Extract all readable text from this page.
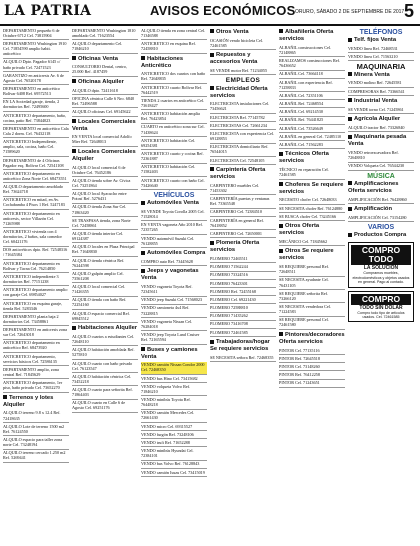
LA PATRIA	AVISOS ECONÓMICOS ORURO, SÁBADO 2 DE SEPTIEMBRE DE 2017 5
DEPARTAMENTO pequeño 6 de Octubre 6712 Cel. 73815904
DEPARTAMENTO Washington 1910 Cel. 71854590 amplio habit. anticrético
ALQUILO Dpto. Pagador 6145 c/ baño privado Cel. 72471523
GARANTIZO en anticresis Av. 6 de Agosto Cel. 76520178
DEPARTAMENTO en anticrético Bolívar 6408 Ref. 69572513
EN LA Sociedad garaje, tienda, 2 dormitorios Ref. 72495600
ANTICRETICO departamento, baño, cocina, patio Ref. 73844023
DEPARTAMENTO en anticrético Cala Cala 2 dorm. Cel. 76432118
ANTICRETICO Independiente, amplio, sala, cocina, baño Cel. 71589620
DEPARTAMENTO de 4 Oficinas Pagador esq. Bolívar Cel. 72541108
ANTICRETICO departamento en anticrético Zona Norte Cel. 68473551
ALQUILO departamento amoblado Ref. 73624718
ANTICRETICO en mitad, en Av. Cochabamba 4 Pisos 1 Ref. 5247183
ANTICRETICO departamento en anticresis, sector Villazón Cel. 71265988
ANTICRETICO vivienda con 4 dormitorios, 2 baños, sala comedor Cel. 60421176
DOS anticréticos dpto. Ref. 72548316 / 71645384
ANTICRETICO departamento en Bolívar y Tacna Cel. 76214850
ANTICRETICO independiente 3 dormitorios Ref. 77151238
ANTICRETICO departamento amplio con garaje Cel. 69854027
ANTICRETICO en esquina garaje, tienda Ref. 5283346
DEPARTAMENTO planta baja 2 dormitorios Cel. 73458861
DEPARTAMENTO en anticresis zona sur Cel. 72643018
ANTICRETICO departamento en anticrético Ref. 68473920
ANTICRETICO departamento, servicios básicos Cel. 72586135
DEPARTAMENTO amplio, zona central Ref. 71845629
ANTICRETICO departamento, 1er piso, baño privado Cel. 73652270
Terrenos y lotes Alquiler
ALQUILO terreno 9.8 x 12.4 Ref. 72418635
ALQUILO Lote de terreno 1500 m2 Ref. 76124550
ALQUILO espacio para taller zona norte Cel. 73248194
ALQUILO terreno cercado 1.250 m2 Ref. 5269441
DEPARTAMENTO Washington 1810 amoblado Cel. 71623554
ALQUILO departamento Cel. 71846210
Oficinas Venta
CONSULTORIO Dental, centro, 25.000 Ref. 4187459
Oficinas Alquiler
ALQUILO dpto. 72411618
OFICINA céntrica Calle 6 Nro. 6840 Ref. 72496588
ALQUILO oficinas Cel. 69145622
Locales Comerciales Venta
EN VENTA local comercial Adolfo Mier Ref. 72648013
Locales Comerciales Alquiler
ALQUILO local comercial 6 de Octubre Cel. 76452186
ALQUILO tienda sobre Av. Cívica Cel. 73251864
ALQUILO local Ayacucho entre Potosí Ref. 5276431
ALQUILO tienda Zona Sur Cel. 71863420
SE TRASPASA tienda, zona Norte Cel. 72458861
ALQUILO tienda interior Cel. 69124387
ALQUILO locales en Plaza Principal Ref. 71648830
ALQUILO tienda céntrica Ref. 76244598
ALQUILO galpón amplio Cel. 73561208
ALQUILO local comercial Cel. 71426355
ALQUILO tienda con baño Ref. 72254160
ALQUILO espacio comercial Ref. 69845512
Habitaciones Alquiler
ALQUILO cuartos a estudiantes Cel. 72648110
ALQUILO habitación amoblada Ref. 5275810
ALQUILO cuarto con baño privado Cel. 76123547
ALQUILO habitación céntrica Cel. 73452218
ALQUILO cuarto para señorita Ref. 71864403
ALQUILO cuarto en Calle 6 de Agosto Cel. 69251176
ALQUILO tienda en zona central Cel. 71346588
ANTICRETICO en esquina Ref. 72458810
Habitaciones Anticrético
ANTICRETICO dos cuartos con baño Ref. 72648835
ANTICRETICO cuarto Bolívar Ref. 76442519
TIENDA 2 cuartos en anticrético Cel. 73618427
ANTICRETICO habitación amplia Ref. 76423854
CUARTO en anticrético zona sur Cel. 71438624
ANTICRETICO habitación Cel. 69254381
ANTICRETICO cuarto y cocina Ref. 72361887
ANTICRETICO habitación Cel. 71582403
ANTICRETICO cuarto con baño Cel. 73426640
VEHÍCULOS
Automóviles Venta
SE VENDE Toyota Corolla 2005 Cel. 71528014
EN VENTA vagoneta Año 2010 Ref. 72357265
VENDO automóvil Suzuki Cel. 76128855
Automóviles Compra
COMPRO auto Ref. 73445628
Jeeps y vagonetas Venta
VENDO vagoneta Toyota Ref. 72345611
VENDO jeep Suzuki Cel. 71568023
VENDO camioneta 4x4 Ref. 73228815
VENDO vagoneta Nissan Cel. 76284018
VENDO jeep Toyota Land Cruiser Ref. 72165594
Buses y camiones Venta
VENDO camión Nissan Condor 2000 Cel. 72468350
VENDO bus Hino Cel. 73415682
VENDO volqueta Volvo Ref. 71846210
VENDO minibús Toyota Ref. 76448218
VENDO camión Mercedes Cel. 72661430
VENDO micro Cel. 69315527
VENDO furgón Ref. 73248106
VENDO trufi Ref. 71652288
VENDO minibús Hyundai Cel. 72384101
VENDO bus Volvo Ref. 76128843
VENDO camión Isuzu Cel. 73415019
Otros Venta
OCASIÓN vendo bicicleta Cel. 72461585
Repuestos y accesorios Venta
SE VENDE motor Ref. 71234055
EMPLEOS
Electricidad Oferta servicios
ELECTRICISTA instalaciones Cel. 73456621
ELECTRICISTA Ref. 77145782
ELECTRICISTAS Cel. 72661234
ELECTRICISTA con experiencia Cel. 69128853
ELECTRICISTA domiciliario Ref. 76544015
ELECTRICISTA Cel. 72548105
Carpintería Oferta servicios
CARPINTERO muebles Cel. 71453302
CARPINTERÍA puertas y ventanas Ref. 73365548
CARPINTERO Cel. 72384510
CARPINTERÍA en general Ref. 76418852
CARPINTERO Cel. 72650001
Plomería Oferta servicios
PLOMERO 72465511
PLOMERO 71562244
PLOMERO 73324516
PLOMERO 76423301
PLOMERO Ref. 72455168
PLOMERO Cel. 69221430
PLOMERO 72588810
PLOMERO 71435262
PLOMERO 73416708
PLOMERO 72461585
Trabajadoras/hogar Se requiere servicios
SE NECESITA señora Ref. 72468355
Albañilería Oferta servicios
ALBAÑIL construcciones Cel. 72148865
REALIZAMOS construcciones Ref. 76436652
ALBAÑIL Cel. 73664118
ALBAÑIL con experiencia Ref. 71258833
ALBAÑIL Cel. 72351106
ALBAÑIL Ref. 72468554
ALBAÑIL Cel. 69214530
ALBAÑIL Ref. 76441825
ALBAÑIL Cel. 73526649
ALBAÑIL en general Cel. 72485110
ALBAÑIL Cel. 71562283
Técnicos Oferta servicios
TÉCNICO en reparación Cel. 72461585
Choferes Se requiere servicios
NECESITO chofer Cel. 72648033
SE NECESITA chofer Ref. 76124880
SE BUSCA chofer Cel. 73245166
Otros Oferta servicios
MECÁNICO Cel. 71845662
Otros Se requiere servicios
SE REQUIERE personal Ref. 72648511
SE NECESITA ayudante Cel. 76431105
SE REQUIERE señorita Ref. 73266120
SE NECESITA vendedora Cel. 71224583
SE REQUIERE personal Cel. 72461580
Pintores/decoradores Oferta servicios
PINTOR Cel. 77135116
PINTOR Ref. 72645518
PINTOR Cel. 73148260
PINTOR Ref. 76412258
PINTOR Cel. 71243651
TELÉFONOS
Telf. fijos Venta
VENDO línea Ref. 72468531
VENDO línea Cel. 71563210
MAQUINARIA
Minera Venta
VENDO molino Ref. 72645581
COMPRESORAS Ref. 73366541
Industrial Venta
SE VENDE torno Cel. 71245861
Agrícola Alquiler
ALQUILO tractor Ref. 73326840
Maquinaria pesada Venta
VENDO retroexcavadora Ref. 72648810
VENDO Volqueta Cel. 76544230
MÚSICA
Amplificaciones Oferta servicios
AMPLIFICACIÓN Ref. 76428860
Amplificación
AMPLIFICACIÓN Cel. 73154280
VARIOS
Productos Compra
COMPRO TODO
LA SOLUCIÓN
Compramos muebles, electrodomésticos y objetos usados en general. Pago al contado.
COMPRO
TODO SIN DOLAR
Compro todo tipo de artículos usados. Cel. 72461585
